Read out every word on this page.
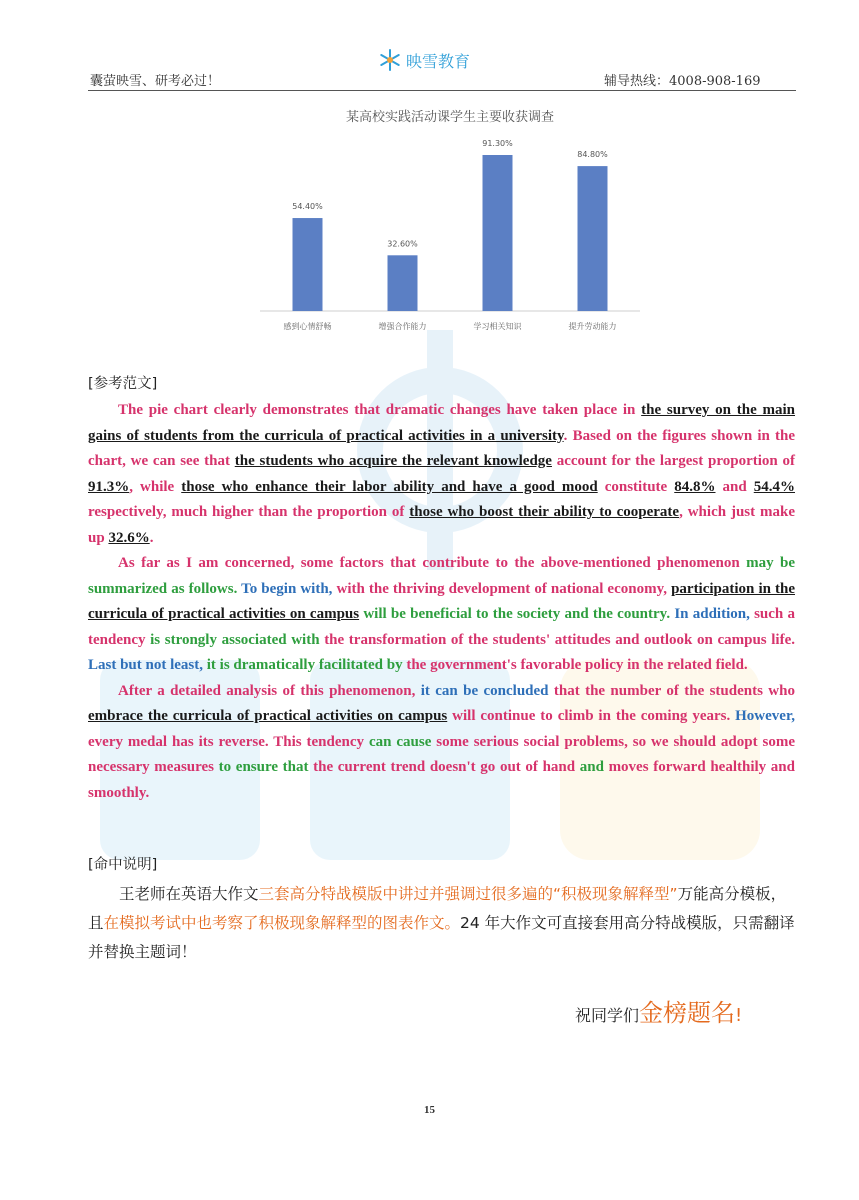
映雪教育
囊萤映雪、研考必过！	辅导热线：4008-908-169
某高校实践活动课学生主要收获调查
54.40%
感到心情舒畅
32.60%
增强合作能力
91.30%
学习相关知识
84.80%
提升劳动能力
[参考范文]

The pie chart clearly demonstrates that dramatic changes have taken place in the survey on the main gains of students from the curricula of practical activities in a university. Based on the figures shown in the chart, we can see that the students who acquire the relevant knowledge account for the largest proportion of 91.3%, while those who enhance their labor ability and have a good mood constitute 84.8% and 54.4% respectively, much higher than the proportion of those who boost their ability to cooperate, which just make up 32.6%.

As far as I am concerned, some factors that contribute to the above-mentioned phenomenon may be summarized as follows. To begin with, with the thriving development of national economy, participation in the curricula of practical activities on campus will be beneficial to the society and the country. In addition, such a tendency is strongly associated with the transformation of the students' attitudes and outlook on campus life. Last but not least, it is dramatically facilitated by the government's favorable policy in the related field.

After a detailed analysis of this phenomenon, it can be concluded that the number of the students who embrace the curricula of practical activities on campus will continue to climb in the coming years. However, every medal has its reverse. This tendency can cause some serious social problems, so we should adopt some necessary measures to ensure that the current trend doesn't go out of hand and moves forward healthily and smoothly.

[命中说明]

王老师在英语大作文三套高分特战模版中讲过并强调过很多遍的“积极现象解释型”万能高分模板，且在模拟考试中也考察了积极现象解释型的图表作文。24 年大作文可直接套用高分特战模版，只需翻译并替换主题词！

祝同学们金榜题名!
15
